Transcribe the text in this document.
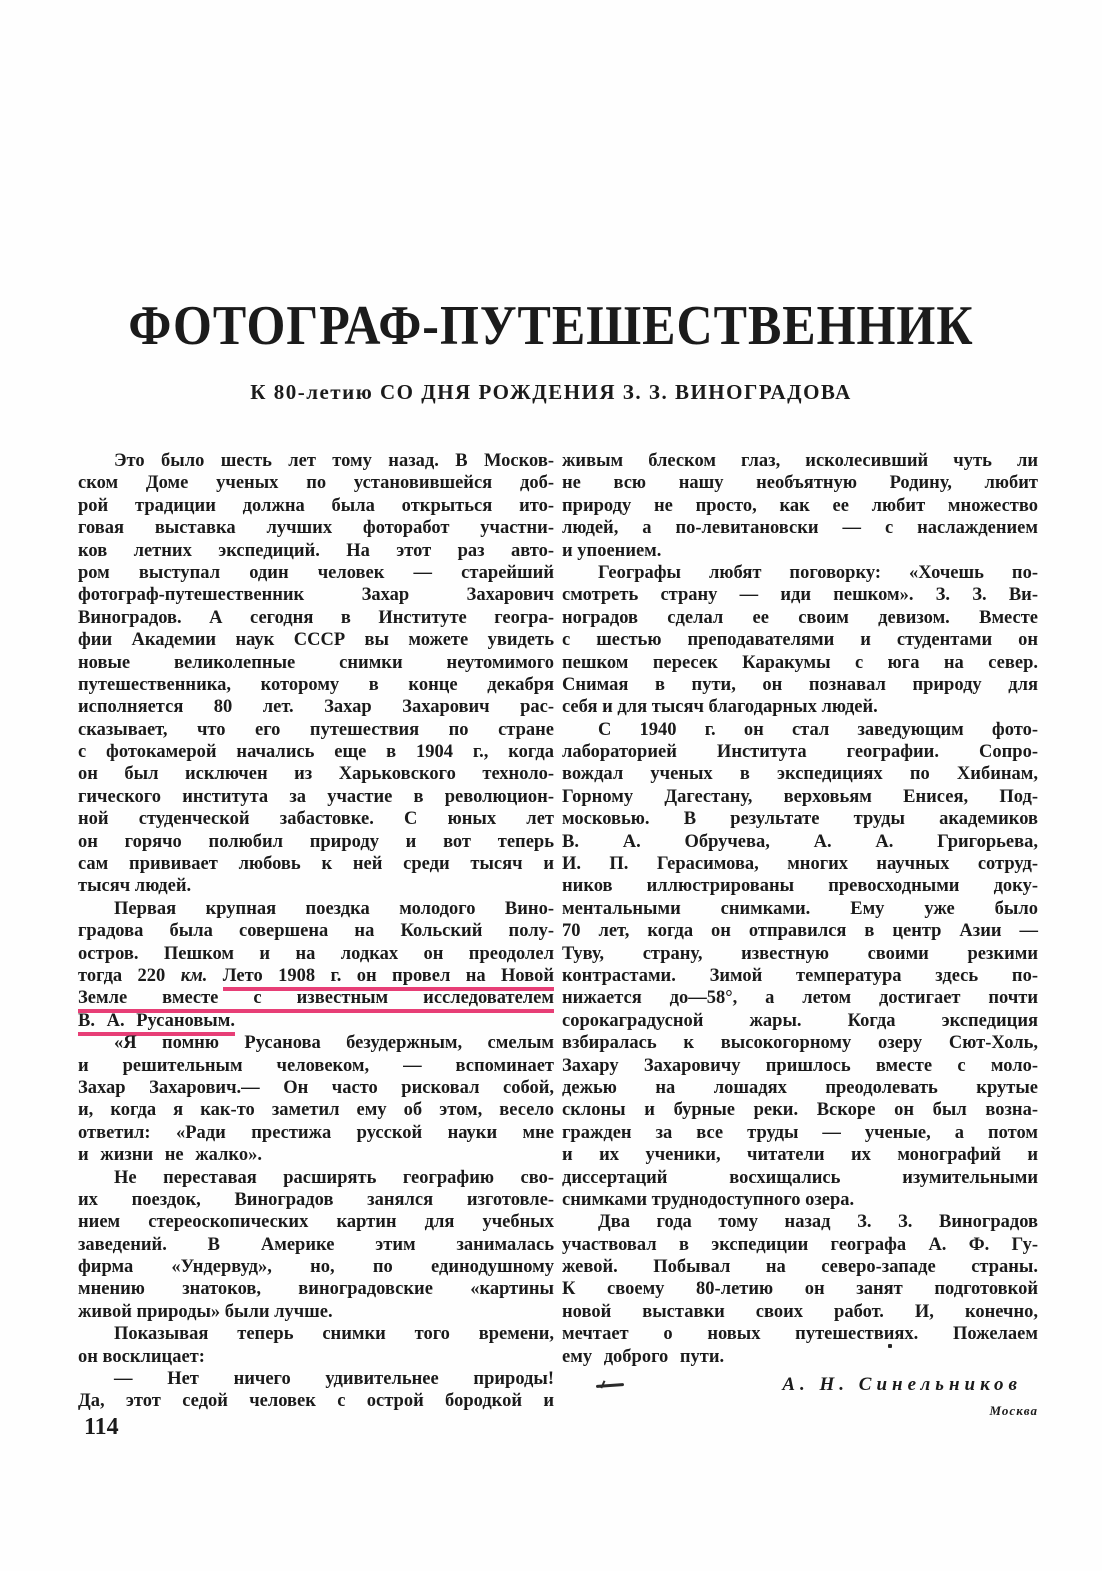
ФОТОГРАФ-ПУТЕШЕСТВЕННИК
К 80-летию СО ДНЯ РОЖДЕНИЯ З. З. ВИНОГРАДОВА
Это было шесть лет тому назад. В Москов-
ском Доме ученых по установившейся доб-
рой традиции должна была открыться ито-
говая выставка лучших фоторабот участни-
ков летних экспедиций. На этот раз авто-
ром выступал один человек — старейший
фотограф-путешественник Захар Захарович
Виноградов. А сегодня в Институте геогра-
фии Академии наук СССР вы можете увидеть
новые великолепные снимки неутомимого
путешественника, которому в конце декабря
исполняется 80 лет. Захар Захарович рас-
сказывает, что его путешествия по стране
с фотокамерой начались еще в 1904 г., когда
он был исключен из Харьковского техноло-
гического института за участие в революцион-
ной студенческой забастовке. С юных лет
он горячо полюбил природу и вот теперь
сам прививает любовь к ней среди тысяч и
тысяч людей.
Первая крупная поездка молодого Вино-
градова была совершена на Кольский полу-
остров. Пешком и на лодках он преодолел
тогда 220 км. Лето 1908 г. он провел на Новой
Земле вместе с известным исследователем
В. А. Русановым.
«Я помню Русанова безудержным, смелым
и решительным человеком, — вспоминает
Захар Захарович.— Он часто рисковал собой,
и, когда я как-то заметил ему об этом, весело
ответил: «Ради престижа русской науки мне
и жизни не жалко».
Не переставая расширять географию сво-
их поездок, Виноградов занялся изготовле-
нием стереоскопических картин для учебных
заведений. В Америке этим занималась
фирма «Ундервуд», но, по единодушному
мнению знатоков, виноградовские «картины
живой природы» были лучше.
Показывая теперь снимки того времени,
он восклицает:
— Нет ничего удивительнее природы!
Да, этот седой человек с острой бородкой и
живым блеском глаз, исколесивший чуть ли
не всю нашу необъятную Родину, любит
природу не просто, как ее любит множество
людей, а по-левитановски — с наслаждением
и упоением.
Географы любят поговорку: «Хочешь по-
смотреть страну — иди пешком». З. З. Ви-
ноградов сделал ее своим девизом. Вместе
с шестью преподавателями и студентами он
пешком пересек Каракумы с юга на север.
Снимая в пути, он познавал природу для
себя и для тысяч благодарных людей.
С 1940 г. он стал заведующим фото-
лабораторией Института географии. Сопро-
вождал ученых в экспедициях по Хибинам,
Горному Дагестану, верховьям Енисея, Под-
московью. В результате труды академиков
В. А. Обручева, А. А. Григорьева,
И. П. Герасимова, многих научных сотруд-
ников иллюстрированы превосходными доку-
ментальными снимками. Ему уже было
70 лет, когда он отправился в центр Азии —
Туву, страну, известную своими резкими
контрастами. Зимой температура здесь по-
нижается до—58°, а летом достигает почти
сорокаградусной жары. Когда экспедиция
взбиралась к высокогорному озеру Сют-Холь,
Захару Захаровичу пришлось вместе с моло-
дежью на лошадях преодолевать крутые
склоны и бурные реки. Вскоре он был возна-
гражден за все труды — ученые, а потом
и их ученики, читатели их монографий и
диссертаций восхищались изумительными
снимками труднодоступного озера.
Два года тому назад З. З. Виноградов
участвовал в экспедиции географа А. Ф. Гу-
жевой. Побывал на северо-западе страны.
К своему 80-летию он занят подготовкой
новой выставки своих работ. И, конечно,
мечтает о новых путешествиях. Пожелаем
ему доброго пути.
А. Н. Синельников
Москва
114
